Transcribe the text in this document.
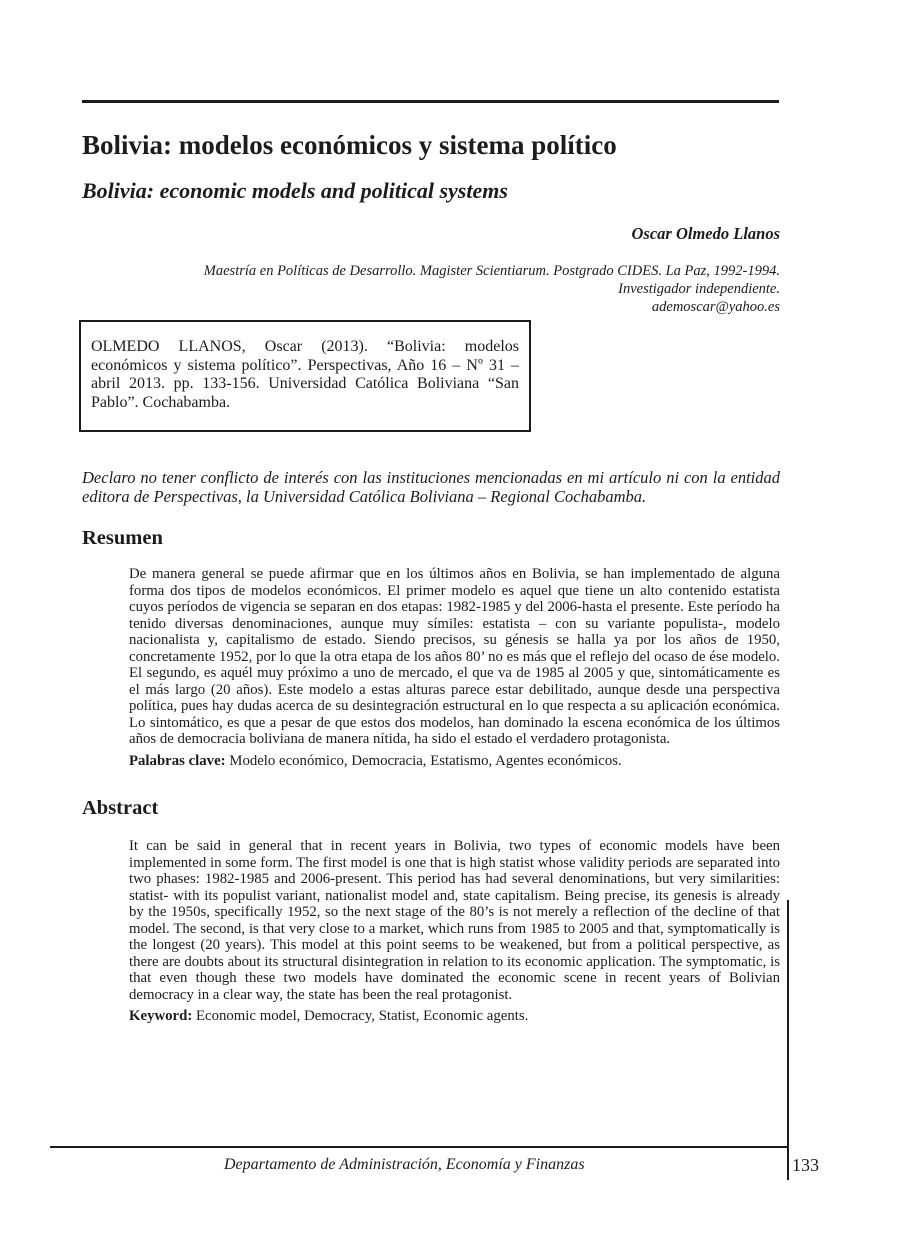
Bolivia: modelos económicos y sistema político
Bolivia: economic models and political systems
Oscar Olmedo Llanos
Maestría en Políticas de Desarrollo. Magister Scientiarum. Postgrado CIDES. La Paz, 1992-1994.
Investigador independiente.
ademoscar@yahoo.es
OLMEDO LLANOS, Oscar (2013). “Bolivia: modelos económicos y sistema político”. Perspectivas, Año 16 – Nº 31 – abril 2013. pp. 133-156. Universidad Católica Boliviana “San Pablo”. Cochabamba.
Declaro no tener conflicto de interés con las instituciones mencionadas en mi artículo ni con la entidad editora de Perspectivas, la Universidad Católica Boliviana – Regional Cochabamba.
Resumen
De manera general se puede afirmar que en los últimos años en Bolivia, se han implementado de alguna forma dos tipos de modelos económicos. El primer modelo es aquel que tiene un alto contenido estatista cuyos períodos de vigencia se separan en dos etapas: 1982-1985 y del 2006-hasta el presente. Este período ha tenido diversas denominaciones, aunque muy símiles: estatista – con su variante populista-, modelo nacionalista y, capitalismo de estado. Siendo precisos, su génesis se halla ya por los años de 1950, concretamente 1952, por lo que la otra etapa de los años 80’ no es más que el reflejo del ocaso de ése modelo. El segundo, es aquél muy próximo a uno de mercado, el que va de 1985 al 2005 y que, sintomáticamente es el más largo (20 años). Este modelo a estas alturas parece estar debilitado, aunque desde una perspectiva política, pues hay dudas acerca de su desintegración estructural en lo que respecta a su aplicación económica. Lo sintomático, es que a pesar de que estos dos modelos, han dominado la escena económica de los últimos años de democracia boliviana de manera nítida, ha sido el estado el verdadero protagonista.
Palabras clave: Modelo económico, Democracia, Estatismo, Agentes económicos.
Abstract
It can be said in general that in recent years in Bolivia, two types of economic models have been implemented in some form. The first model is one that is high statist whose validity periods are separated into two phases: 1982-1985 and 2006-present. This period has had several denominations, but very similarities: statist- with its populist variant, nationalist model and, state capitalism. Being precise, its genesis is already by the 1950s, specifically 1952, so the next stage of the 80’s is not merely a reflection of the decline of that model. The second, is that very close to a market, which runs from 1985 to 2005 and that, symptomatically is the longest (20 years). This model at this point seems to be weakened, but from a political perspective, as there are doubts about its structural disintegration in relation to its economic application. The symptomatic, is that even though these two models have dominated the economic scene in recent years of Bolivian democracy in a clear way, the state has been the real protagonist.
Keyword: Economic model, Democracy, Statist, Economic agents.
Departamento de Administración, Economía y Finanzas	133
